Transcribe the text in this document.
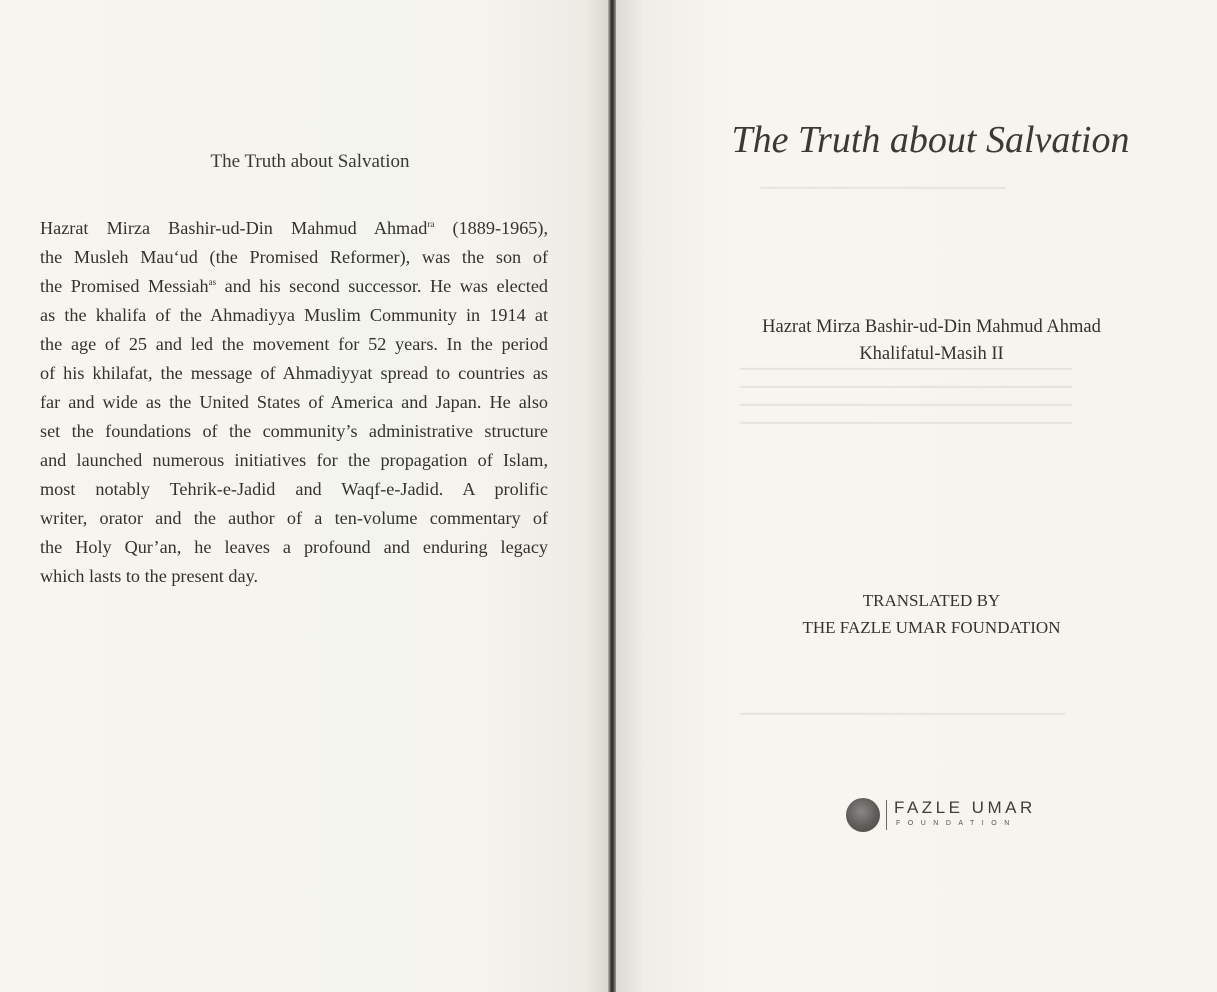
━━━━━━━━━━━━━━━━━━━━━━━━━━━━━━━━━━
━━━━━━━━━━━━━━━━━━━━━━━━━━━━━━━━━━━━━━━━━━━━━━
━━━━━━━━━━━━━━━━━━━━━━━━━━━━━━━━━━━━━━━━━━━━━━
━━━━━━━━━━━━━━━━━━━━━━━━━━━━━━━━━━━━━━━━━━━━━━
━━━━━━━━━━━━━━━━━━━━━━━━━━━━━━━━━━━━━━━━━━━━━━
━━━━━━━━━━━━━━━━━━━━━━━━━━━━━━━━━━━━━━━━━━━━━
The Truth about Salvation
Hazrat Mirza Bashir-ud-Din Mahmud Ahmad$^{ra}$ (1889-1965),
the Musleh Mau‘ud (the Promised Reformer), was the son of
the Promised Messiah$^{as}$ and his second successor. He was elected
as the khalifa of the Ahmadiyya Muslim Community in 1914 at
the age of 25 and led the movement for 52 years. In the period
of his khilafat, the message of Ahmadiyyat spread to countries as
far and wide as the United States of America and Japan. He also
set the foundations of the community’s administrative structure
and launched numerous initiatives for the propagation of Islam,
most notably Tehrik-e-Jadid and Waqf-e-Jadid. A prolific
writer, orator and the author of a ten-volume commentary of
the Holy Qur’an, he leaves a profound and enduring legacy
which lasts to the present day.
The Truth about Salvation
Hazrat Mirza Bashir-ud-Din Mahmud Ahmad
Khalifatul-Masih II
TRANSLATED BY
THE FAZLE UMAR FOUNDATION
FAZLE UMAR
FOUNDATION
